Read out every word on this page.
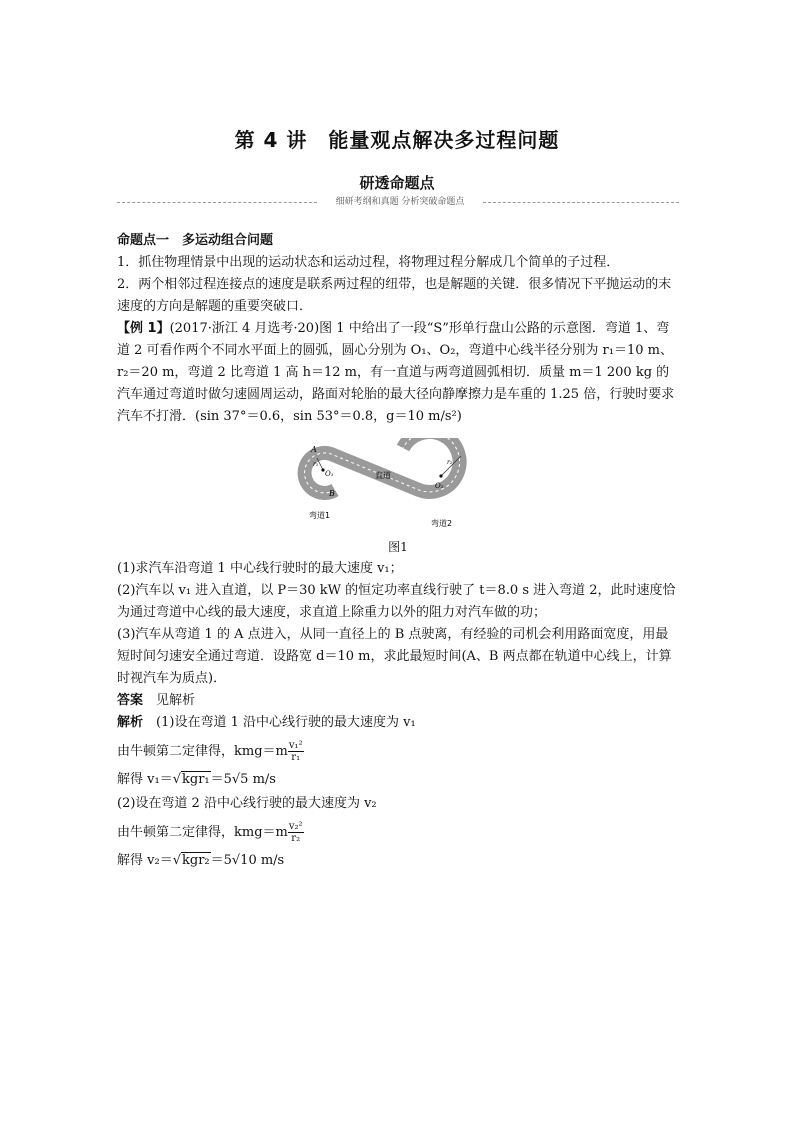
第 4 讲　能量观点解决多过程问题
研透命题点
细研考纲和真题 分析突破命题点

命题点一　多运动组合问题

1．抓住物理情景中出现的运动状态和运动过程，将物理过程分解成几个简单的子过程．

2．两个相邻过程连接点的速度是联系两过程的纽带，也是解题的关键．很多情况下平抛运动的末速度的方向是解题的重要突破口．

【例 1】(2017·浙江 4 月选考·20)图 1 中给出了一段“S”形单行盘山公路的示意图．弯道 1、弯道 2 可看作两个不同水平面上的圆弧，圆心分别为 O₁、O₂，弯道中心线半径分别为 r₁＝10 m、r₂＝20 m，弯道 2 比弯道 1 高 h＝12 m，有一直道与两弯道圆弧相切．质量 m＝1 200 kg 的汽车通过弯道时做匀速圆周运动，路面对轮胎的最大径向静摩擦力是车重的 1.25 倍，行驶时要求汽车不打滑．(sin 37°＝0.6，sin 53°＝0.8，g＝10 m/s²)

A
B
O₁
r₁
O₂
r₂
直道
弯道1
弯道2

图1

(1)求汽车沿弯道 1 中心线行驶时的最大速度 v₁；

(2)汽车以 v₁ 进入直道，以 P＝30 kW 的恒定功率直线行驶了 t＝8.0 s 进入弯道 2，此时速度恰为通过弯道中心线的最大速度，求直道上除重力以外的阻力对汽车做的功；

(3)汽车从弯道 1 的 A 点进入，从同一直径上的 B 点驶离，有经验的司机会利用路面宽度，用最短时间匀速安全通过弯道．设路宽 d＝10 m，求此最短时间(A、B 两点都在轨道中心线上，计算时视汽车为质点)．

答案　 见解析

解析　 (1)设在弯道 1 沿中心线行驶的最大速度为 v₁

由牛顿第二定律得，$kmg=m \frac{\text{v₁²}}{\text{r₁}}$

解得 v₁＝√kgr₁＝5√5 m/s

(2)设在弯道 2 沿中心线行驶的最大速度为 v₂

由牛顿第二定律得，$kmg=m \frac{\text{v₂²}}{\text{r₂}}$

解得 v₂＝√kgr₂＝5√10 m/s
